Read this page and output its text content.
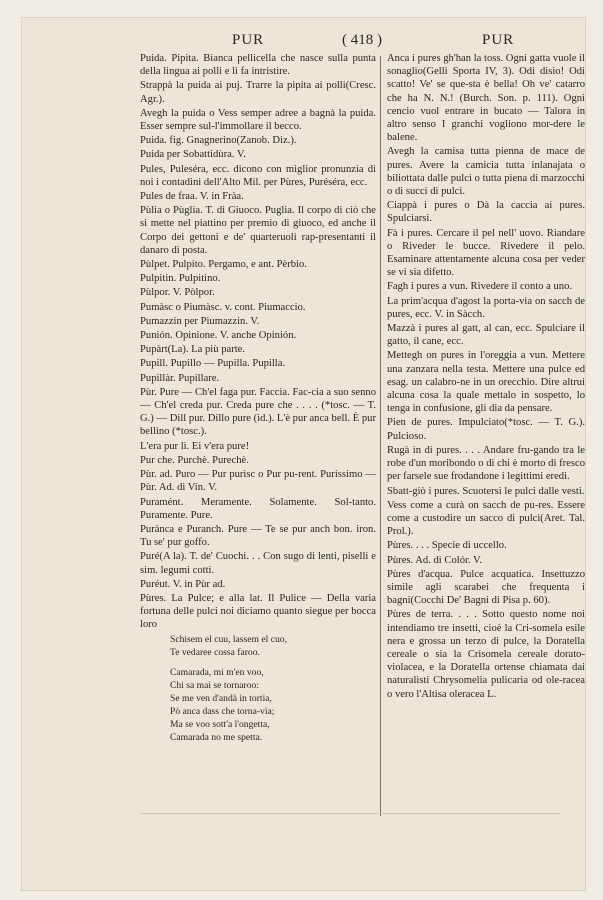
PUR	( 418 )	PUR

Puida. Pipita. Bianca pellicella che nasce sulla punta della lingua ai polli e li fa intristire.

Strappà la puida ai puj. Trarre la pipita ai polli(Cresc. Agr.).

Avegh la puida o Vess semper adree a bagnà la puida. Esser sempre sul-l'immollare il becco.

Puida. fig. Gnagnerino(Zanob. Diz.).

Puida per Sobattidùra. V.

Pules, Puleséra, ecc. dicono con miglior pronunzia di noi i contadini dell'Alto Mil. per Pùres, Puréséra, ecc.

Pules de fraa. V. in Fràa.

Pùlia o Pùglia. T. di Giuoco. Puglia. Il corpo di ciò che si mette nel piattino per premio di giuoco, ed anche il Corpo dei gettoni e de' quarteruoli rap-presentanti il danaro di posta.

Pùlpet. Pulpito. Pergamo, e ant. Pèrbio.

Pulpitin. Pulpitino.

Pùlpor. V. Pòlpor.

Pumàsc o Piumàsc. v. cont. Piumaccio.

Pumazzin per Piumazzin. V.

Punión. Opinione. V. anche Opinión.

Pupàrt(La). La più parte.

Pupill. Pupillo — Pupilla. Pupilla.

Pupillàr. Pupillare.

Pùr. Pure — Ch'el faga pur. Faccia. Fac-cia a suo senno — Ch'el creda pur. Creda pure che . . . . (*tosc. — T. G.) — Dill pur. Dillo pure (id.). L'è pur anca bell. È pur bellino (*tosc.).

L'era pur lì. Ei v'era pure!

Pur che. Purchè. Purechè.

Pùr. ad. Puro — Pur purisc o Pur pu-rent. Purissimo — Pùr. Ad. di Vin. V.

Puramént. Meramente. Solamente. Sol-tanto. Puramente. Pure.

Purànca e Puranch. Pure — Te se pur anch bon. iron. Tu se' pur goffo.

Puré(A la). T. de' Cuochi. . . Con sugo di lenti, piselli e sim. legumi cotti.

Puréut. V. in Pùr ad.

Pùres. La Pulce; e alla lat. Il Pulice — Della varia fortuna delle pulci noi diciamo quanto siegue per bocca loro

Schisem el cuu, lassem el cuo,
Te vedaree cossa faroo.
Camarada, mi m'en voo,
Chi sa mai se tornaroo:
Se me ven d'andà in tortia,
Pò anca dass che torna-via;
Ma se voo sott'a l'ongetta,
Camarada no me spetta.

Anca i pures gh'han la toss. Ogni gatta vuole il sonaglio(Gelli Sporta IV, 3). Odi disio! Odi scatto! Ve' se que-sta è bella! Oh ve' catarro che ha N. N.! (Burch. Son. p. 111). Ogni cencio vuol entrare in bucato — Talora in altro senso I granchi vogliono mor-dere le balene.

Avegh la camisa tutta pienna de mace de pures. Avere la camicia tutta inlanajata o biliottata dalle pulci o tutta piena di marzocchi o di succi di pulci.

Ciappà i pures o Dà la caccia ai pures. Spulciarsi.

Fà i pures. Cercare il pel nell' uovo. Riandare o Riveder le bucce. Rivedere il pelo. Esaminare attentamente alcuna cosa per veder se vi sia difetto.

Fagh i pures a vun. Rivedere il conto a uno.

La prim'acqua d'agost la porta-via on sacch de pures, ecc. V. in Sàcch.

Mazzà i pures al gatt, al can, ecc. Spulciare il gatto, il cane, ecc.

Mettegh on pures in l'oreggia a vun. Mettere una zanzara nella testa. Mettere una pulce ed esag. un calabro-ne in un orecchio. Dire altrui alcuna cosa la quale mettalo in sospetto, lo tenga in confusione, gli dia da pensare.

Pien de pures. Impulciato(*tosc. — T. G.). Pulcioso.

Rugà in di pures. . . . Andare fru-gando tra le robe d'un moribondo o di chi è morto di fresco per farsele sue frodandone i legittimi eredi.

Sbatt-giò i pures. Scuotersi le pulci dalle vesti.

Vess come a curà on sacch de pu-res. Essere come a custodire un sacco di pulci(Aret. Tal. Prol.).

Pùres. . . . Specie di uccello.

Pùres. Ad. di Colór. V.

Pùres d'acqua. Pulce acquatica. Insettuzzo simile agli scarabei che frequenta i bagni(Cocchi De' Bagni di Pisa p. 60).

Pùres de terra. . . . Sotto questo nome noi intendiamo tre insetti, cioè la Cri-somela esile nera e grossa un terzo di pulce, la Doratella cereale o sia la Crisomela cereale dorato-violacea, e la Doratella ortense chiamata dai naturalisti Chrysomelia pulicaria od ole-racea o vero l'Altisa oleracea L.
